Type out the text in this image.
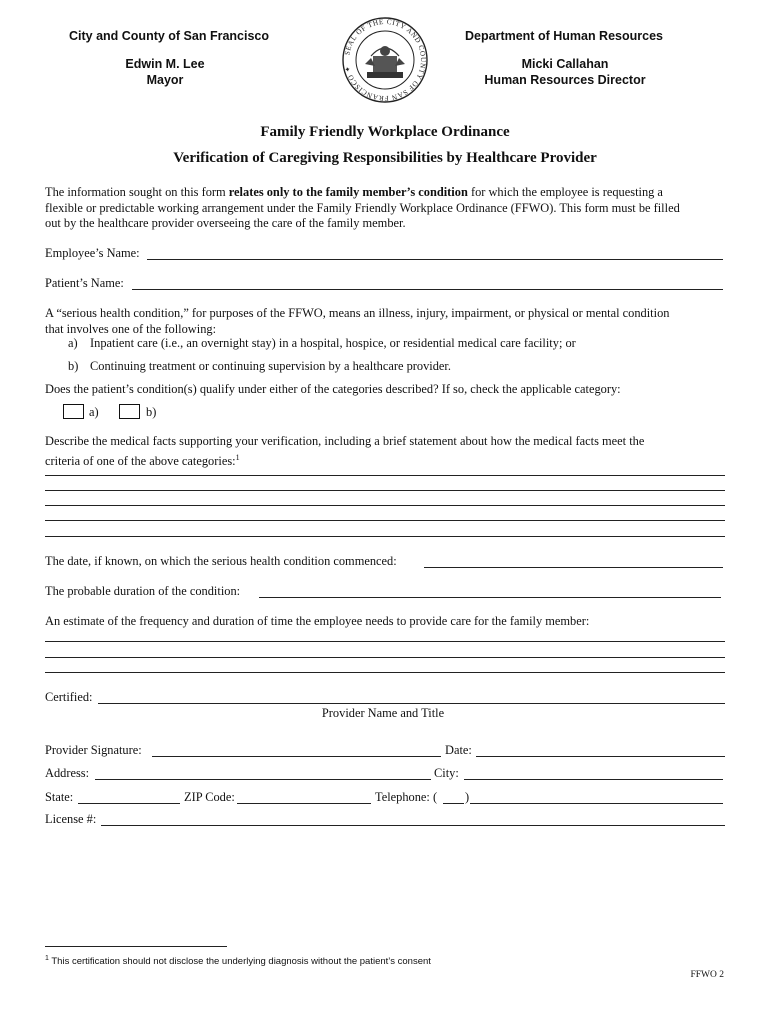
City and County of San Francisco
Edwin M. Lee
Mayor
Department of Human Resources
Micki Callahan
Human Resources Director
SEAL OF THE CITY AND COUNTY OF SAN FRANCISCO ✦
Family Friendly Workplace Ordinance
Verification of Caregiving Responsibilities by Healthcare Provider
The information sought on this form relates only to the family member’s condition for which the employee is requesting a
flexible or predictable working arrangement under the Family Friendly Workplace Ordinance (FFWO). This form must be filled
out by the healthcare provider overseeing the care of the family member.
Employee’s Name:
Patient’s Name:
A “serious health condition,” for purposes of the FFWO, means an illness, injury, impairment, or physical or mental condition
that involves one of the following:
a) Inpatient care (i.e., an overnight stay) in a hospital, hospice, or residential medical care facility; or
b) Continuing treatment or continuing supervision by a healthcare provider.
Does the patient’s condition(s) qualify under either of the categories described? If so, check the applicable category:
a)	b)
Describe the medical facts supporting your verification, including a brief statement about how the medical facts meet the
criteria of one of the above categories:$^1$
The date, if known, on which the serious health condition commenced:
The probable duration of the condition:
An estimate of the frequency and duration of time the employee needs to provide care for the family member:
Certified:
Provider Name and Title
Provider Signature:	Date:
Address:	City:
State:	ZIP Code:	Telephone: ( )
License #:
$^1$ This certification should not disclose the underlying diagnosis without the patient’s consent
FFWO 2
